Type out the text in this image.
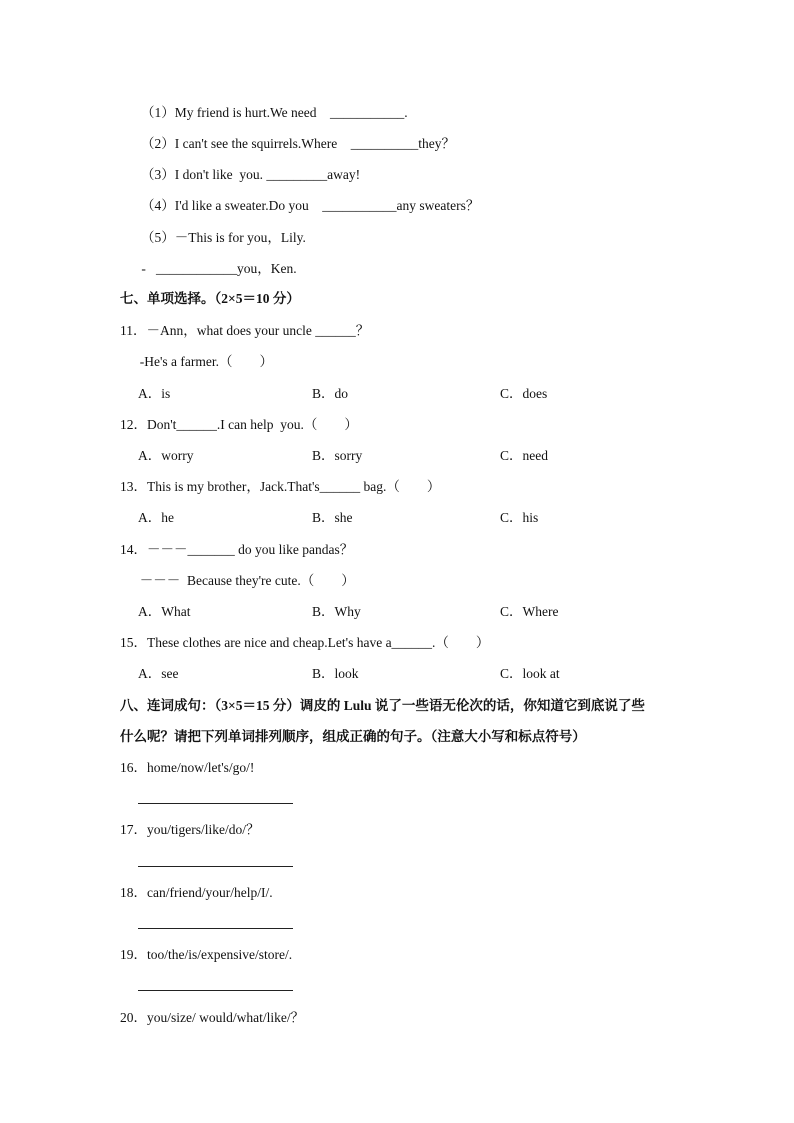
（1）My friend is hurt.We need    ___________.
（2）I can't see the squirrels.Where    __________they？
（3）I don't like  you. _________away!
（4）I'd like a sweater.Do you    ___________any sweaters？
（5）－This is for you，Lily.
‐   ____________you，Ken.
七、单项选择。（2×5＝10 分）
11．－Ann，what does your uncle ______？
‐He's a farmer.（　　）
A．is	B．do	C．does
12．Don't______.I can help  you.（　　）
A．worry	B．sorry	C．need
13．This is my brother，Jack.That's______ bag.（　　）
A．he	B．she	C．his
14．－－－_______ do you like pandas？
－－－  Because they're cute.（　　）
A．What	B．Why	C．Where
15．These clothes are nice and cheap.Let's have a______.（　　）
A．see	B．look	C．look at
八、连词成句：（3×5＝15 分）调皮的 Lulu 说了一些语无伦次的话，你知道它到底说了些
什么呢？请把下列单词排列顺序，组成正确的句子。（注意大小写和标点符号）
16．home/now/let's/go/!
17．you/tigers/like/do/？
18．can/friend/your/help/I/.
19．too/the/is/expensive/store/.
20．you/size/ would/what/like/？
